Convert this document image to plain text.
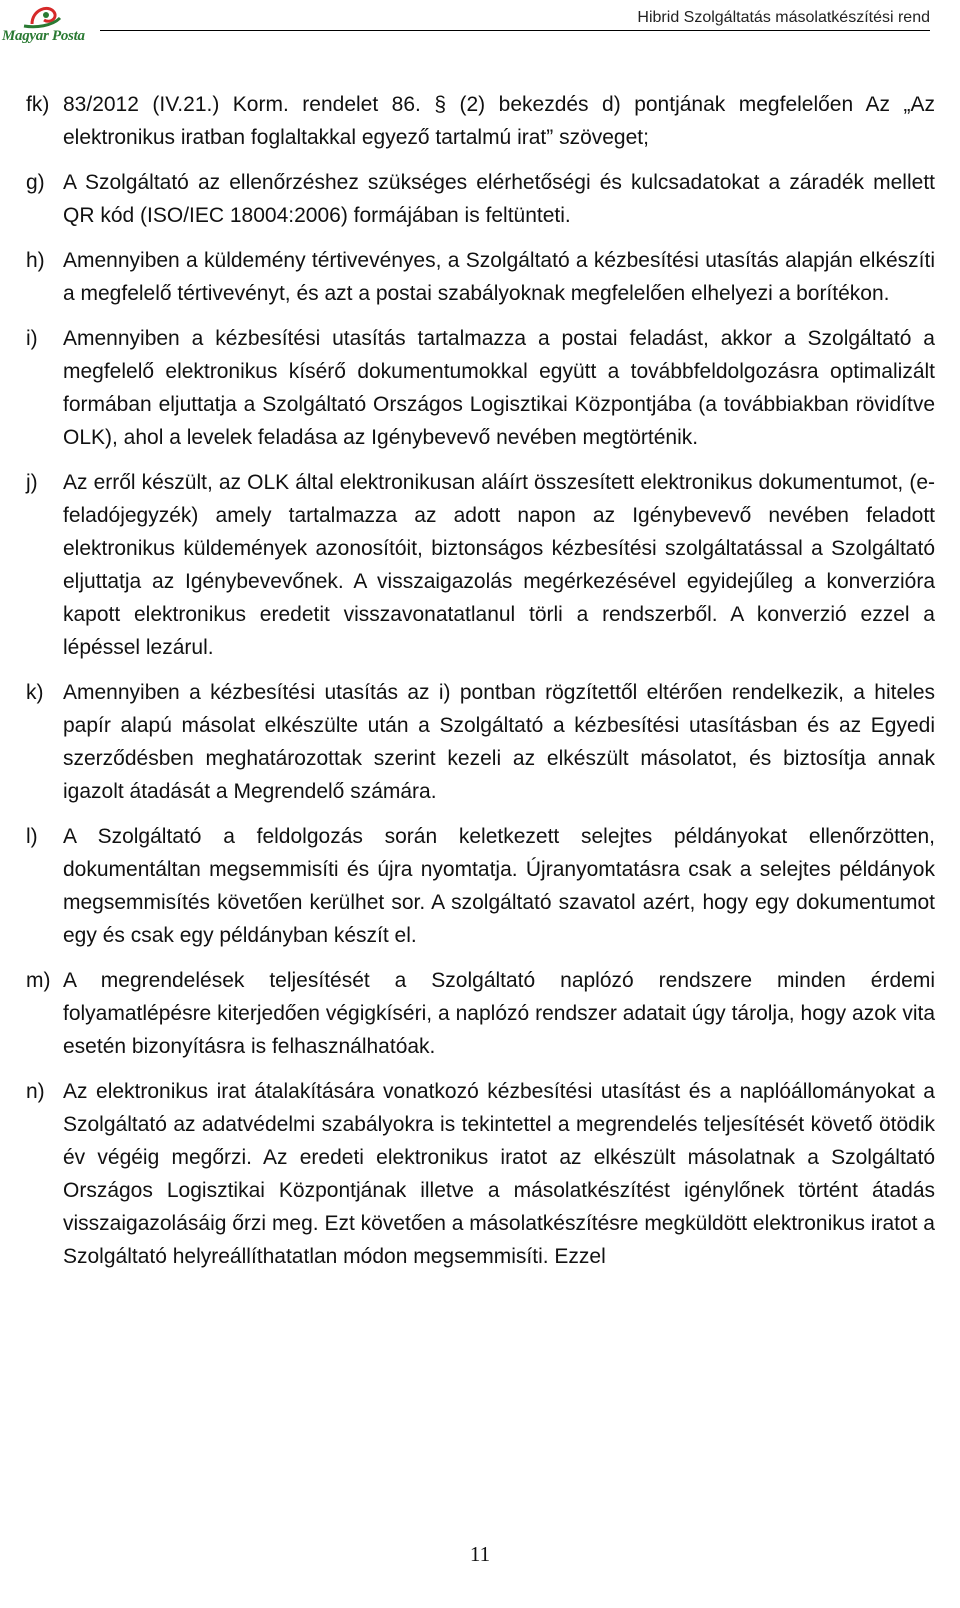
Magyar Posta
Hibrid Szolgáltatás másolatkészítési rend
fk) 83/2012 (IV.21.) Korm. rendelet 86. § (2) bekezdés d) pontjának megfelelően Az „Az elektronikus iratban foglaltakkal egyező tartalmú irat” szöveget;
g) A Szolgáltató az ellenőrzéshez szükséges elérhetőségi és kulcsadatokat a záradék mellett QR kód (ISO/IEC 18004:2006) formájában is feltünteti.
h) Amennyiben a küldemény tértivevényes, a Szolgáltató a kézbesítési utasítás alapján elkészíti a megfelelő tértivevényt, és azt a postai szabályoknak megfelelően elhelyezi a borítékon.
i) Amennyiben a kézbesítési utasítás tartalmazza a postai feladást, akkor a Szolgáltató a megfelelő elektronikus kísérő dokumentumokkal együtt a továbbfeldolgozásra optimalizált formában eljuttatja a Szolgáltató Országos Logisztikai Központjába (a továbbiakban rövidítve OLK), ahol a levelek feladása az Igénybevevő nevében megtörténik.
j) Az erről készült, az OLK által elektronikusan aláírt összesített elektronikus dokumentumot, (e-feladójegyzék) amely tartalmazza az adott napon az Igénybevevő nevében feladott elektronikus küldemények azonosítóit, biztonságos kézbesítési szolgáltatással a Szolgáltató eljuttatja az Igénybevevőnek. A visszaigazolás megérkezésével egyidejűleg a konverzióra kapott elektronikus eredetit visszavonatatlanul törli a rendszerből. A konverzió ezzel a lépéssel lezárul.
k) Amennyiben a kézbesítési utasítás az i) pontban rögzítettől eltérően rendelkezik, a hiteles papír alapú másolat elkészülte után a Szolgáltató a kézbesítési utasításban és az Egyedi szerződésben meghatározottak szerint kezeli az elkészült másolatot, és biztosítja annak igazolt átadását a Megrendelő számára.
l) A Szolgáltató a feldolgozás során keletkezett selejtes példányokat ellenőrzötten, dokumentáltan megsemmisíti és újra nyomtatja. Újranyomtatásra csak a selejtes példányok megsemmisítés követően kerülhet sor. A szolgáltató szavatol azért, hogy egy dokumentumot egy és csak egy példányban készít el.
m) A megrendelések teljesítését a Szolgáltató naplózó rendszere minden érdemi folyamatlépésre kiterjedően végigkíséri, a naplózó rendszer adatait úgy tárolja, hogy azok vita esetén bizonyításra is felhasználhatóak.
n) Az elektronikus irat átalakítására vonatkozó kézbesítési utasítást és a naplóállományokat a Szolgáltató az adatvédelmi szabályokra is tekintettel a megrendelés teljesítését követő ötödik év végéig megőrzi. Az eredeti elektronikus iratot az elkészült másolatnak a Szolgáltató Országos Logisztikai Központjának illetve a másolatkészítést igénylőnek történt átadás visszaigazolásáig őrzi meg. Ezt követően a másolatkészítésre megküldött elektronikus iratot a Szolgáltató helyreállíthatatlan módon megsemmisíti. Ezzel
11
